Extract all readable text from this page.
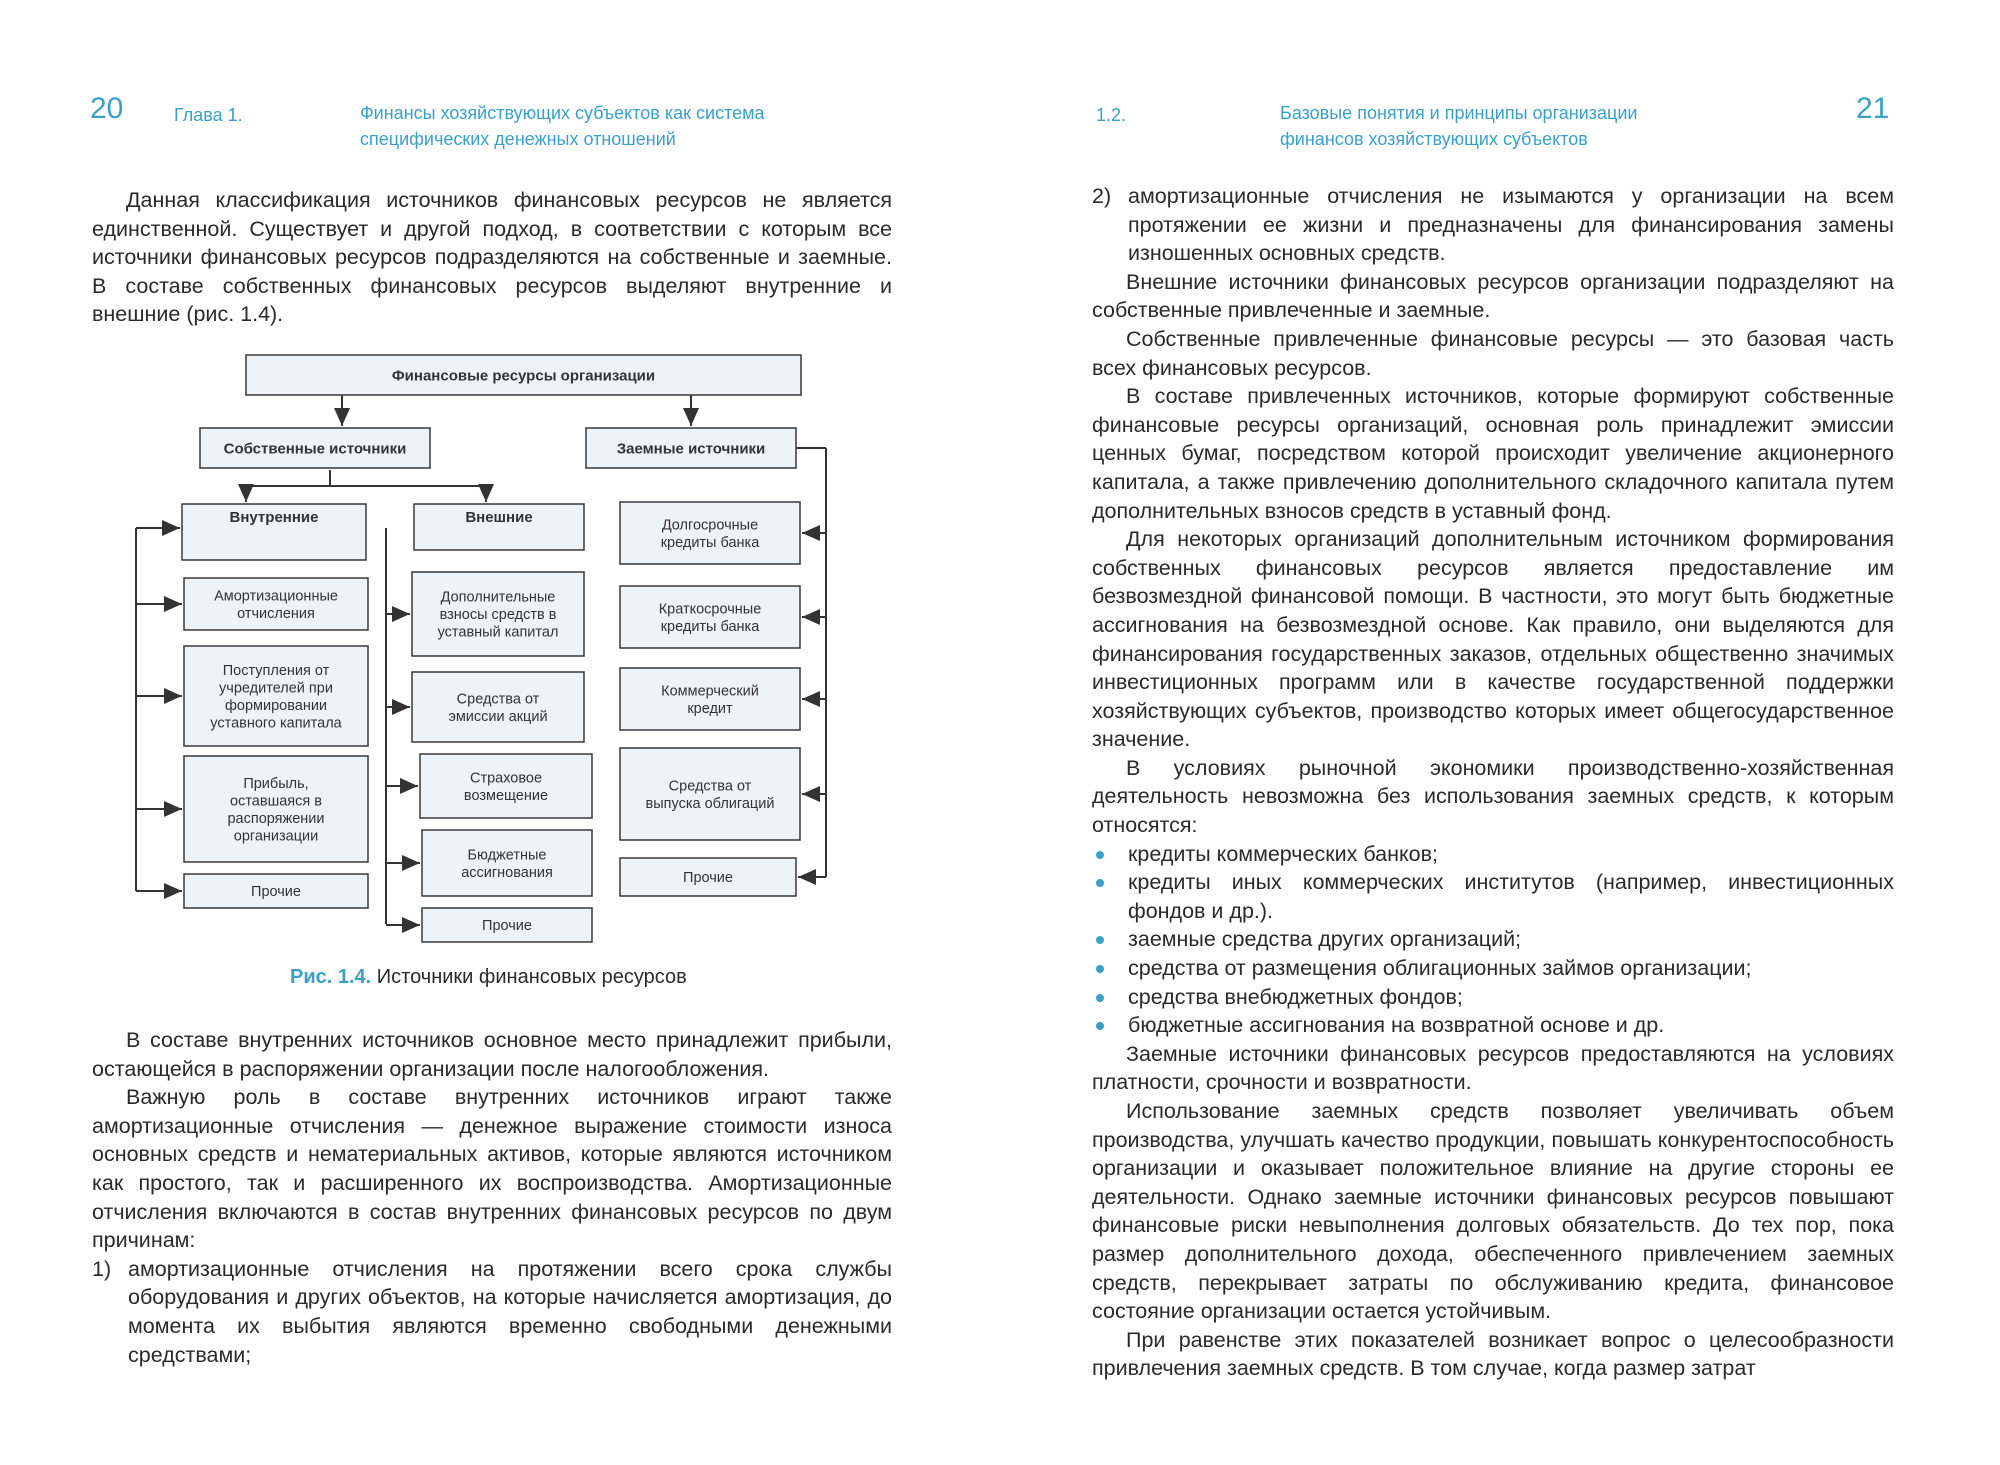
20	Глава 1.	Финансы хозяйствующих субъектов как система
специфических денежных отношений

Данная классификация источников финансовых ресурсов не является единственной. Существует и другой подход, в соответствии с которым все источники финансовых ресурсов подразделяются на собственные и заемные. В составе собственных финансовых ресурсов выделяют внутренние и внешние (рис. 1.4).

Финансовые ресурсы организации
Собственные источники	Заемные источники
Внутренние	Внешние
Амортизационные
отчисления
Поступления от
учредителей при
формировании
уставного капитала
Прибыль,
оставшаяся в
распоряжении
организации
Прочие
Дополнительные
взносы средств в
уставный капитал
Средства от
эмиссии акций
Страховое
возмещение
Бюджетные
ассигнования
Прочие
Долгосрочные
кредиты банка
Краткосрочные
кредиты банка
Коммерческий
кредит
Средства от
выпуска облигаций
Прочие
Рис. 1.4. Источники финансовых ресурсов

В составе внутренних источников основное место принадлежит прибыли, остающейся в распоряжении организации после налогообложения.

Важную роль в составе внутренних источников играют также амортизационные отчисления — денежное выражение стоимости износа основных средств и нематериальных активов, которые являются источником как простого, так и расширенного их воспроизводства. Амортизационные отчисления включаются в состав внутренних финансовых ресурсов по двум причинам:

1) амортизационные отчисления на протяжении всего срока службы оборудования и других объектов, на которые начисляется амортизация, до момента их выбытия являются временно свободными денежными средствами;
1.2.	Базовые понятия и принципы организации
финансов хозяйствующих субъектов
21
2) амортизационные отчисления не изымаются у организации на всем протяжении ее жизни и предназначены для финансирования замены изношенных основных средств.

Внешние источники финансовых ресурсов организации подразделяют на собственные привлеченные и заемные.

Собственные привлеченные финансовые ресурсы — это базовая часть всех финансовых ресурсов.

В составе привлеченных источников, которые формируют собственные финансовые ресурсы организаций, основная роль принадлежит эмиссии ценных бумаг, посредством которой происходит увеличение акционерного капитала, а также привлечению дополнительного складочного капитала путем дополнительных взносов средств в уставный фонд.

Для некоторых организаций дополнительным источником формирования собственных финансовых ресурсов является предоставление им безвозмездной финансовой помощи. В частности, это могут быть бюджетные ассигнования на безвозмездной основе. Как правило, они выделяются для финансирования государственных заказов, отдельных общественно значимых инвестиционных программ или в качестве государственной поддержки хозяйствующих субъектов, производство которых имеет общегосударственное значение.

В условиях рыночной экономики производственно-хозяйственная деятельность невозможна без использования заемных средств, к которым относятся:

кредиты коммерческих банков;
кредиты иных коммерческих институтов (например, инвестиционных фондов и др.).
заемные средства других организаций;
средства от размещения облигационных займов организации;
средства внебюджетных фондов;
бюджетные ассигнования на возвратной основе и др.

Заемные источники финансовых ресурсов предоставляются на условиях платности, срочности и возвратности.

Использование заемных средств позволяет увеличивать объем производства, улучшать качество продукции, повышать конкурентоспособность организации и оказывает положительное влияние на другие стороны ее деятельности. Однако заемные источники финансовых ресурсов повышают финансовые риски невыполнения долговых обязательств. До тех пор, пока размер дополнительного дохода, обеспеченного привлечением заемных средств, перекрывает затраты по обслуживанию кредита, финансовое состояние организации остается устойчивым.

При равенстве этих показателей возникает вопрос о целесообразности привлечения заемных средств. В том случае, когда размер затрат
